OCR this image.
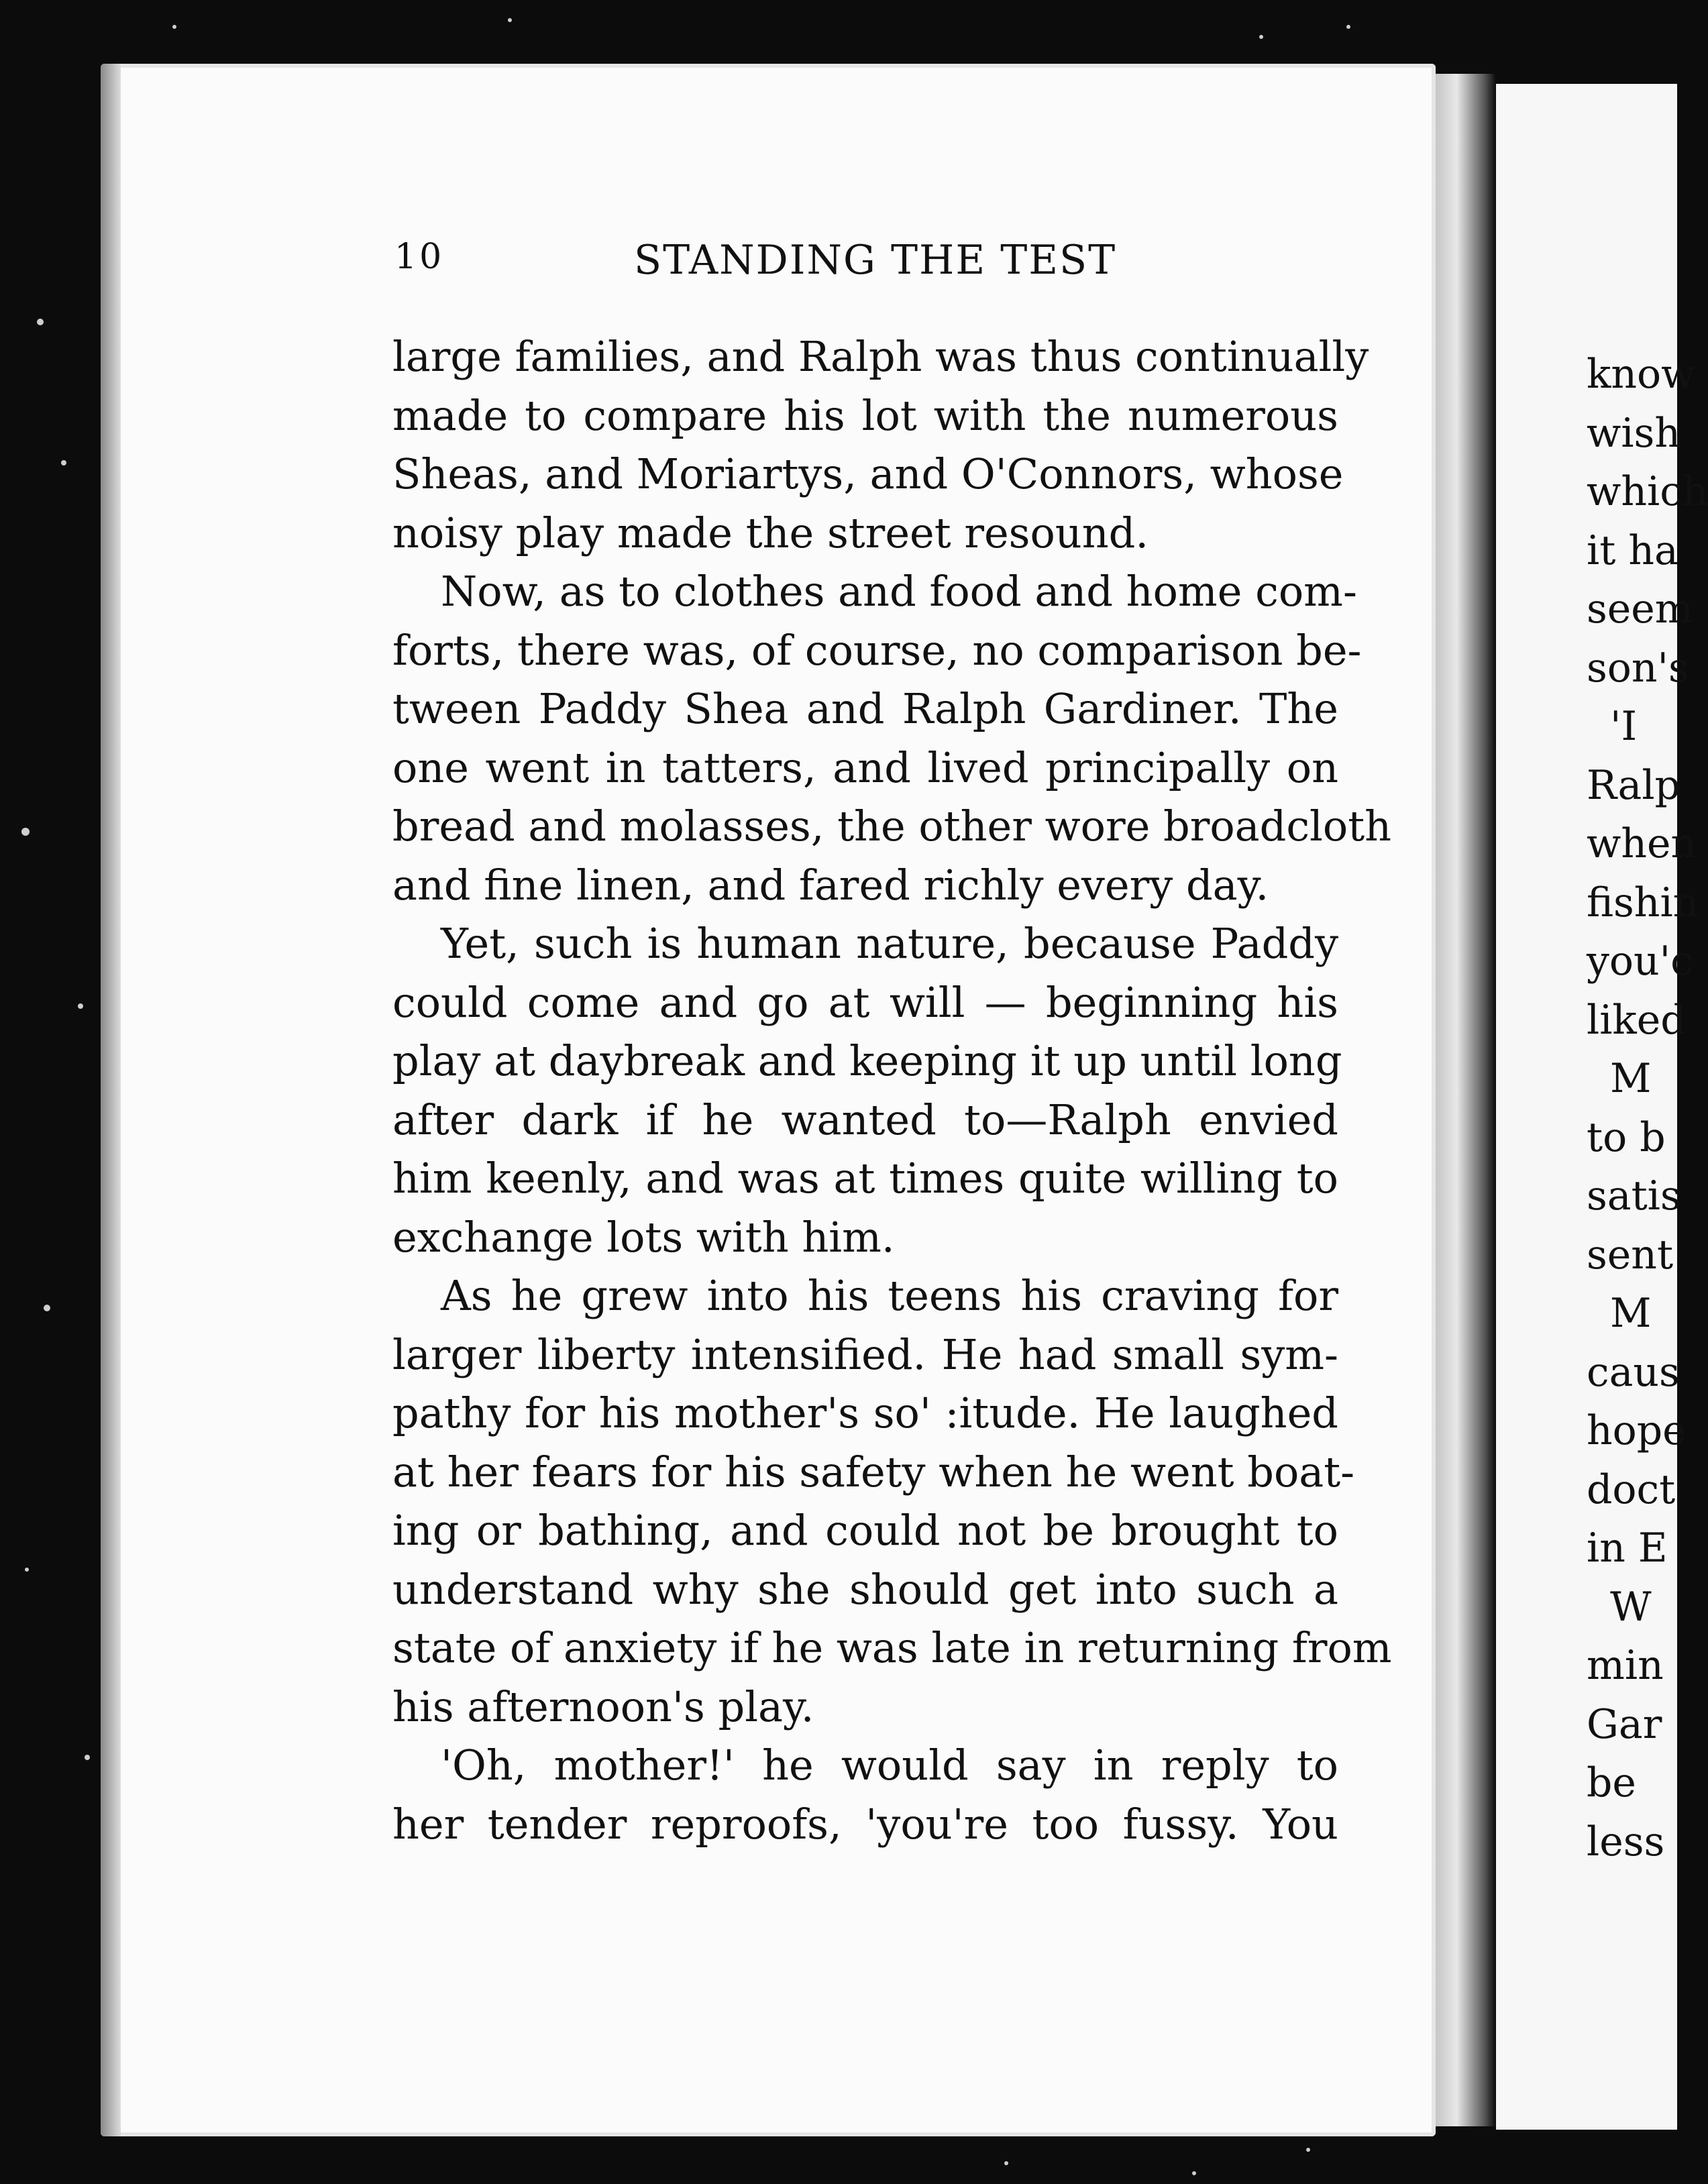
10	STANDING THE TEST
large families, and Ralph was thus continually
made to compare his lot with the numerous
Sheas, and Moriartys, and O'Connors, whose
noisy play made the street resound.
Now, as to clothes and food and home com-
forts, there was, of course, no comparison be-
tween Paddy Shea and Ralph Gardiner. The
one went in tatters, and lived principally on
bread and molasses, the other wore broadcloth
and fine linen, and fared richly every day.
Yet, such is human nature, because Paddy
could come and go at will — beginning his
play at daybreak and keeping it up until long
after dark if he wanted to—Ralph envied
him keenly, and was at times quite willing to
exchange lots with him.
As he grew into his teens his craving for
larger liberty intensified. He had small sym-
pathy for his mother's so' :itude. He laughed
at her fears for his safety when he went boat-
ing or bathing, and could not be brought to
understand why she should get into such a
state of anxiety if he was late in returning from
his afternoon's play.
'Oh, mother!' he would say in reply to
her tender reproofs, 'you're too fussy. You
know
wish
which
it ha
seem
son's
'I
Ralp
when
fishin
you'c
liked
M
to b
satis
sent
M
caus
hope
doct
in E
W
min
Gar
be
less
